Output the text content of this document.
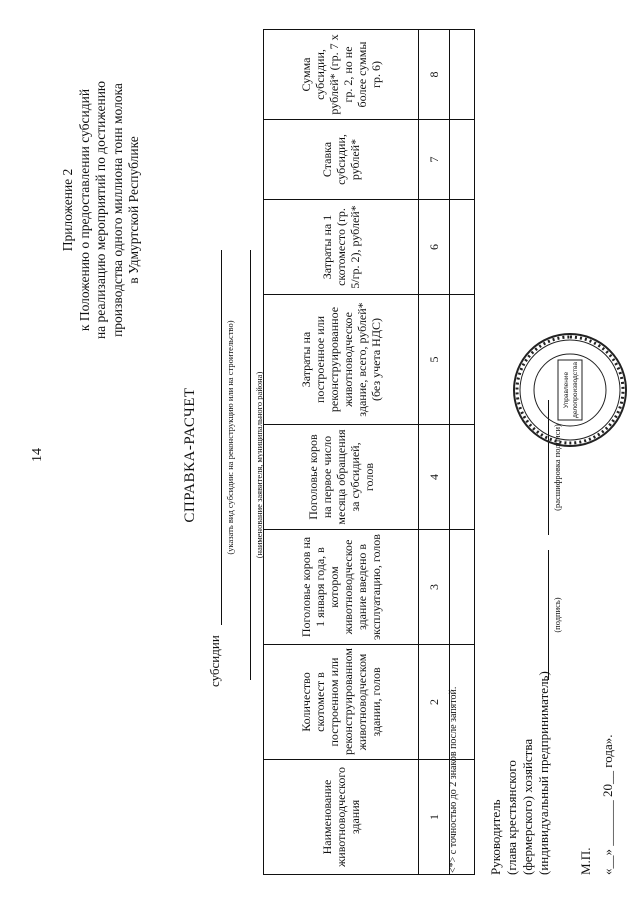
14
Приложение 2 к Положению о предоставлении субсидий на реализацию мероприятий по достижению производства одного миллиона тонн молока в Удмуртской Республике
СПРАВКА-РАСЧЕТ
субсидии
(указать вид субсидии: на реконструкцию или на строительство) (наименование заявителя, муниципального района)
Наименование животноводческого здания	Количество скотомест в построенном или реконструированном животноводческом здании, голов	Поголовье коров на 1 января года, в котором животноводческое здание введено в эксплуатацию, голов	Поголовье коров на первое число месяца обращения за субсидией, голов	Затраты на построенное или реконструированное животноводческое здание, всего, рублей* (без учета НДС)	Затраты на 1 скотоместо (гр. 5/гр. 2), рублей*	Ставка субсидии, рублей*	Сумма субсидии, рублей* (гр. 7 х гр. 2, но не более суммы гр. 6)
1	2	3	4	5	6	7	8

<*> с точностью до 2 знаков после запятой. Руководитель (глава крестьянского (фермерского) хозяйства (индивидуальный предприниматель)
(подпись)
(расшифровка подписи)
М.П. «__» _______ 20__ года».
Управление делопроизводства
